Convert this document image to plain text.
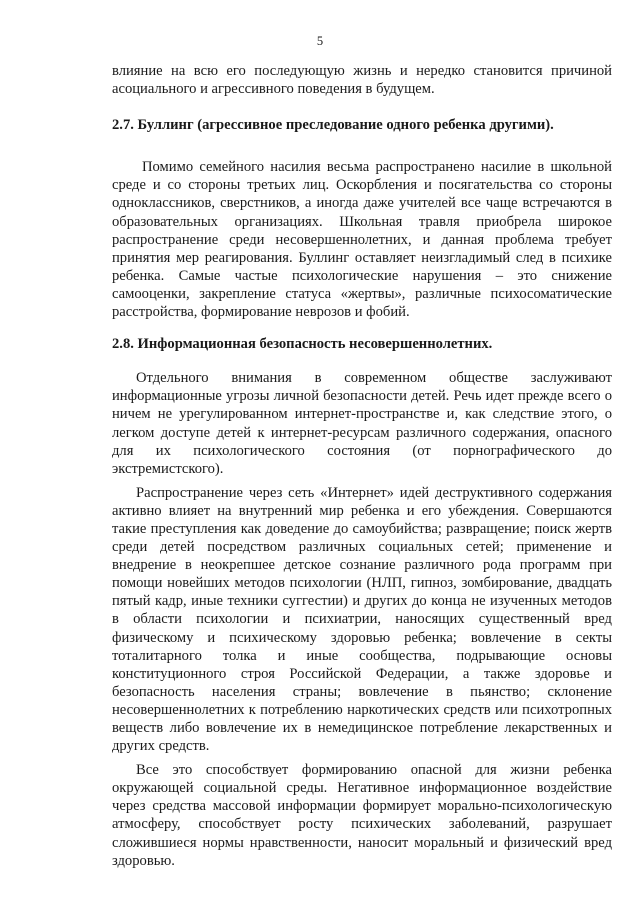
5

влияние на всю его последующую жизнь и нередко становится причиной асоциального и агрессивного поведения в будущем.

2.7. Буллинг (агрессивное преследование одного ребенка другими).

Помимо семейного насилия весьма распространено насилие в школьной среде и со стороны третьих лиц. Оскорбления и посягательства со стороны одноклассников, сверстников, а иногда даже учителей все чаще встречаются в образовательных организациях. Школьная травля приобрела широкое распространение среди несовершеннолетних, и данная проблема требует принятия мер реагирования. Буллинг оставляет неизгладимый след в психике ребенка. Самые частые психологические нарушения – это снижение самооценки, закрепление статуса «жертвы», различные психосоматические расстройства, формирование неврозов и фобий.

2.8. Информационная безопасность несовершеннолетних.

Отдельного внимания в современном обществе заслуживают информационные угрозы личной безопасности детей. Речь идет прежде всего о ничем не урегулированном интернет-пространстве и, как следствие этого, о легком доступе детей к интернет-ресурсам различного содержания, опасного для их психологического состояния (от порнографического до экстремистского).

Распространение через сеть «Интернет» идей деструктивного содержания активно влияет на внутренний мир ребенка и его убеждения. Совершаются такие преступления как доведение до самоубийства; развращение; поиск жертв среди детей посредством различных социальных сетей; применение и внедрение в неокрепшее детское сознание различного рода программ при помощи новейших методов психологии (НЛП, гипноз, зомбирование, двадцать пятый кадр, иные техники суггестии) и других до конца не изученных методов в области психологии и психиатрии, наносящих существенный вред физическому и психическому здоровью ребенка; вовлечение в секты тоталитарного толка и иные сообщества, подрывающие основы конституционного строя Российской Федерации, а также здоровье и безопасность населения страны; вовлечение в пьянство; склонение несовершеннолетних к потреблению наркотических средств или психотропных веществ либо вовлечение их в немедицинское потребление лекарственных и других средств.

Все это способствует формированию опасной для жизни ребенка окружающей социальной среды. Негативное информационное воздействие через средства массовой информации формирует морально-психологическую атмосферу, способствует росту психических заболеваний, разрушает сложившиеся нормы нравственности, наносит моральный и физический вред здоровью.
